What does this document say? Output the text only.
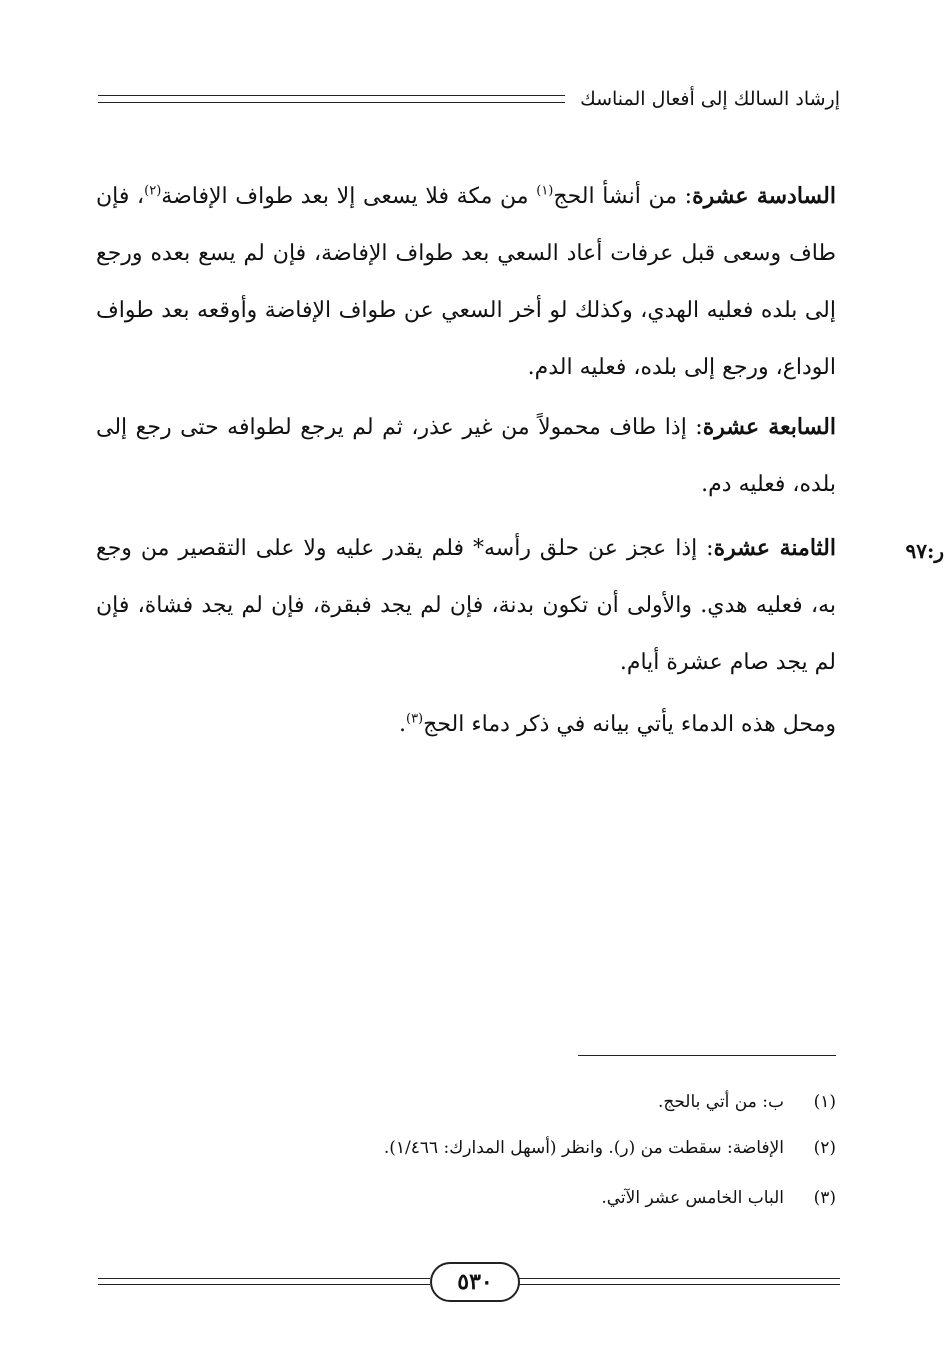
إرشاد السالك إلى أفعال المناسك
السادسة عشرة: من أنشأ الحج$^{(١)}$ من مكة فلا يسعى إلا بعد طواف الإفاضة$^{(٢)}$، فإن طاف وسعى قبل عرفات أعاد السعي بعد طواف الإفاضة، فإن لم يسع بعده ورجع إلى بلده فعليه الهدي، وكذلك لو أخر السعي عن طواف الإفاضة وأوقعه بعد طواف الوداع، ورجع إلى بلده، فعليه الدم.
السابعة عشرة: إذا طاف محمولاً من غير عذر، ثم لم يرجع لطوافه حتى رجع إلى بلده، فعليه دم.
ر:٩٧
الثامنة عشرة: إذا عجز عن حلق رأسه* فلم يقدر عليه ولا على التقصير من وجع به، فعليه هدي. والأولى أن تكون بدنة، فإن لم يجد فبقرة، فإن لم يجد فشاة، فإن لم يجد صام عشرة أيام.
ومحل هذه الدماء يأتي بيانه في ذكر دماء الحج$^{(٣)}$.
(١)ب: من أتي بالحج.
(٢)الإفاضة: سقطت من (ر). وانظر (أسهل المدارك: ١/٤٦٦).
(٣)الباب الخامس عشر الآتي.
٥٣٠
